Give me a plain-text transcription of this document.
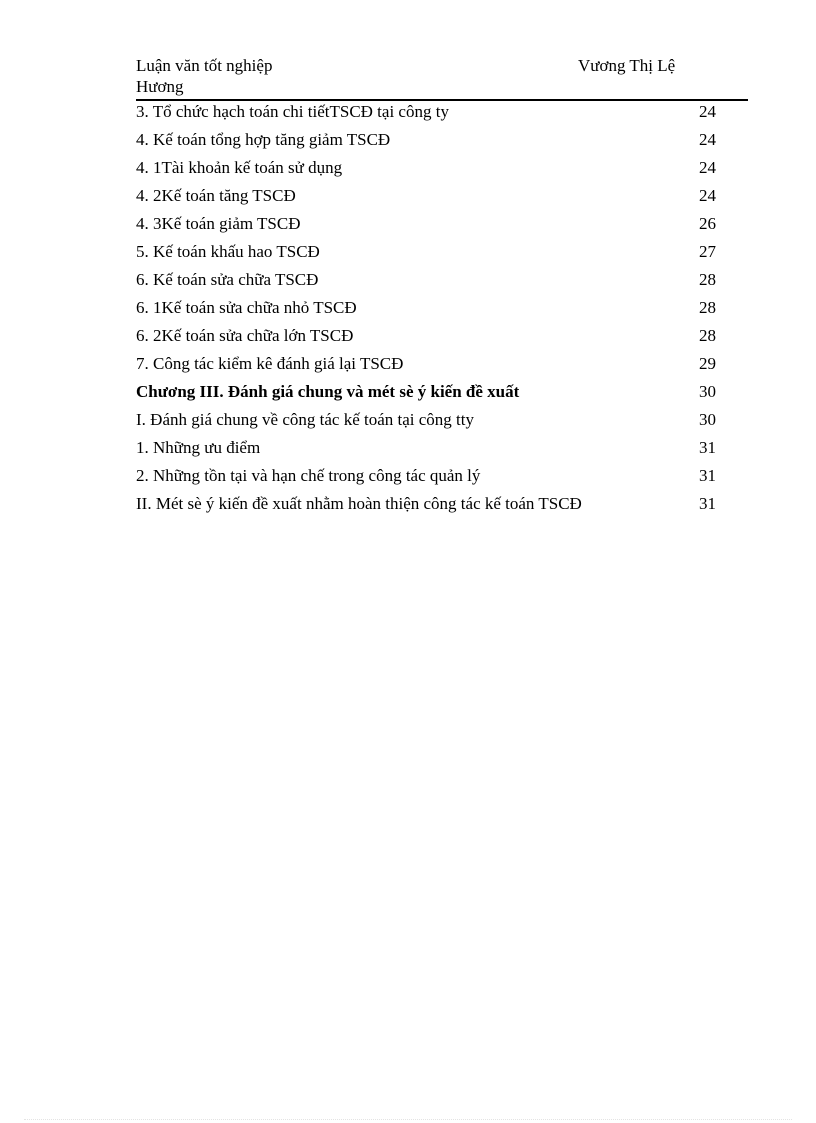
Luận văn tốt nghiệp
Hương
Vương Thị Lệ
3. Tổ chức hạch toán chi tiếtTSCĐ tại công ty	24
4. Kế toán tổng hợp tăng giảm TSCĐ	24
4. 1Tài khoản kế toán sử dụng	24
4. 2Kế toán tăng TSCĐ	24
4. 3Kế toán giảm TSCĐ	26
5. Kế toán khấu hao TSCĐ	27
6. Kế toán sửa chữa TSCĐ	28
6. 1Kế toán sửa chữa nhỏ TSCĐ	28
6. 2Kế toán sửa chữa lớn TSCĐ	28
7. Công tác kiểm kê đánh giá lại TSCĐ	29
Chương III. Đánh giá chung và mét sè ý kiến đề xuất	30
I. Đánh giá chung về công tác kế toán tại công tty	30
1. Những ưu điểm	31
2. Những tồn tại và hạn chế trong công tác quản lý	31
II. Mét sè ý kiến đề xuất nhằm hoàn thiện công tác kế toán TSCĐ	31
